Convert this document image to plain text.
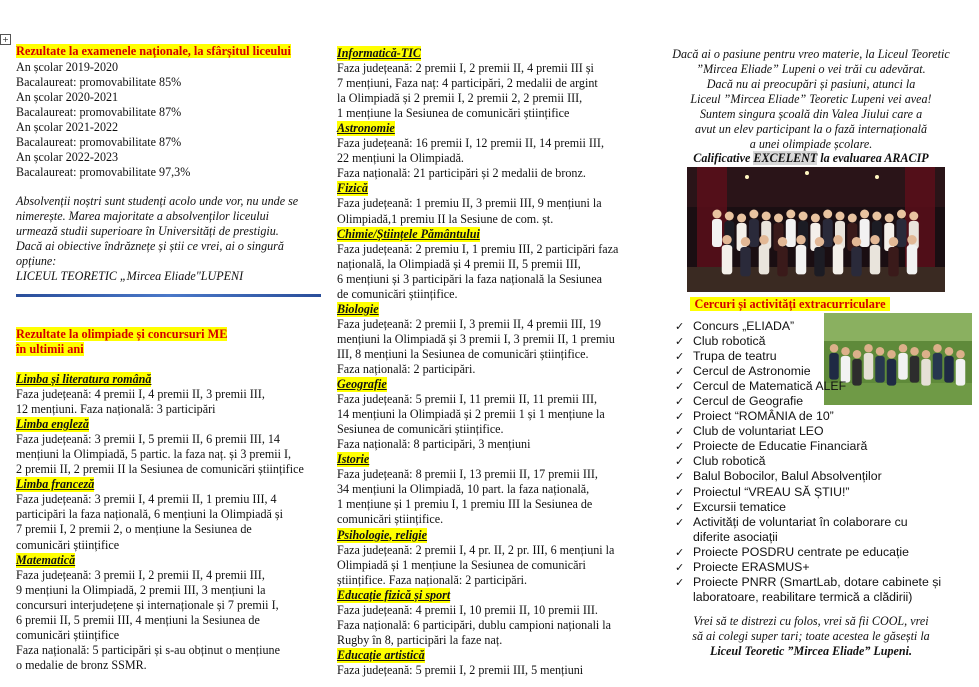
+
Rezultate la examenele naționale, la sfârșitul liceului
An școlar 2019-2020
Bacalaureat: promovabilitate 85%
An școlar 2020-2021
Bacalaureat: promovabilitate 87%
An școlar 2021-2022
Bacalaureat: promovabilitate 87%
An școlar 2022-2023
Bacalaureat: promovabilitate 97,3%
Absolvenții noștri sunt studenți acolo unde vor, nu unde se
nimerește. Marea majoritate a absolvenților liceului
urmează studii superioare în Universități de prestigiu.
Dacă ai obiective îndrăznețe și știi ce vrei, ai o singură
opțiune:
LICEUL TEORETIC „Mircea Eliade"LUPENI
Rezultate la olimpiade și concursuri ME
în ultimii ani
Limba și literatura română
Faza județeană: 4 premii I, 4 premii II, 3 premii III,
12 mențiuni. Faza națională: 3 participări
Limba engleză
Faza județeană: 3 premii I, 5 premii II, 6 premii III, 14
mențiuni la Olimpiadă, 5 partic. la faza naț. și 3 premii I,
2 premii II, 2 premii II la Sesiunea de comunicări științifice
Limba franceză
Faza județeană: 3 premii I, 4 premii II, 1 premiu III, 4
participări la faza națională, 6 mențiuni la Olimpiadă și
7 premii I, 2 premii 2, o mențiune la Sesiunea de
comunicări științifice
Matematică
Faza județeană: 3 premii I, 2 premii II, 4 premii III,
9 mențiuni la Olimpiadă, 2 premii III, 3 mențiuni la
concursuri interjudețene și internaționale și 7 premii I,
6 premii II, 5 premii III, 4 mențiuni la Sesiunea de
comunicări științifice
Faza națională: 5 participări și s-au obținut o mențiune
o medalie de bronz SSMR.
Informatică-TIC
Faza județeană: 2 premii I, 2 premii II, 4 premii III și
7 mențiuni, Faza naț: 4 participări, 2 medalii de argint
la Olimpiadă și 2 premii I, 2 premii 2, 2 premii III,
1 mențiune la Sesiunea de comunicări științifice
Astronomie
Faza județeană: 16 premii I, 12 premii II, 14 premii III,
22 mențiuni la Olimpiadă.
Faza națională: 21 participări și 2 medalii de bronz.
Fizică
Faza județeană: 1 premiu II, 3 premii III, 9 mențiuni la
Olimpiadă,1 premiu II la Sesiune de com. șt.
Chimie/Științele Pământului
Faza județeană: 2 premiu I, 1 premiu III, 2 participări faza
națională, la Olimpiadă și 4 premii II, 5 premii III,
6 mențiuni și 3 participări la faza națională la Sesiunea
de comunicări științifice.
Biologie
Faza județeană: 2 premii I, 3 premii II, 4 premii III, 19
mențiuni la Olimpiadă și 3 premii I, 3 premii II, 1 premiu
III, 8 mențiuni la Sesiunea de comunicări științifice.
Faza națională: 2 participări.
Geografie
Faza județeană: 5 premii I, 11 premii II, 11 premii III,
14 mențiuni la Olimpiadă și 2 premii 1 și 1 mențiune la
Sesiunea de comunicări științifice.
Faza națională: 8 participări, 3 mențiuni
Istorie
Faza județeană: 8 premii I, 13 premii II, 17 premii III,
34 mențiuni la Olimpiadă, 10 part. la faza națională,
1 mențiune și 1 premiu I, 1 premiu III la Sesiunea de
comunicări științifice.
Psihologie, religie
Faza județeană: 2 premii I, 4 pr. II, 2 pr. III, 6 mențiuni la
Olimpiadă și 1 mențiune la Sesiunea de comunicări
științifice. Faza națională: 2 participări.
Educație fizică și sport
Faza județeană: 4 premii I, 10 premii II, 10 premii III.
Faza națională: 6 participări, dublu campioni naționali la
Rugby în 8, participări la faze naț.
Educație artistică
Faza județeană: 5 premii I, 2 premii III, 5 mențiuni
Dacă ai o pasiune pentru vreo materie, la Liceul Teoretic
”Mircea Eliade” Lupeni o vei trăi cu adevărat.
Dacă nu ai preocupări și pasiuni, atunci la
Liceul ”Mircea Eliade” Teoretic Lupeni vei avea!
Suntem singura școală din Valea Jiului care a
avut un elev participant la o fază internațională
a unei olimpiade școlare.
Calificative EXCELENT la evaluarea ARACIP
Cercuri și activități extracurriculare
✓ Concurs „ELIADA”
✓ Club robotică
✓ Trupa de teatru
✓ Cercul de Astronomie
✓ Cercul de Matematică ALEF
✓ Cercul de Geografie
✓ Proiect “ROMÂNIA de 10”
✓ Club de voluntariat LEO
✓ Proiecte de Educatie Financiară
✓ Club robotică
✓ Balul Bobocilor, Balul Absolvenților
✓ Proiectul “VREAU SĂ ȘTIU!”
✓ Excursii tematice
✓ Activități de voluntariat în colaborare cu
diferite asociații
✓ Proiecte POSDRU centrate pe educație
✓ Proiecte ERASMUS+
✓ Proiecte PNRR (SmartLab, dotare cabinete și
laboratoare, reabilitare termică a clădirii)
Vrei să te distrezi cu folos, vrei să fii COOL, vrei
să ai colegi super tari; toate acestea le găsești la
Liceul Teoretic ”Mircea Eliade” Lupeni.
